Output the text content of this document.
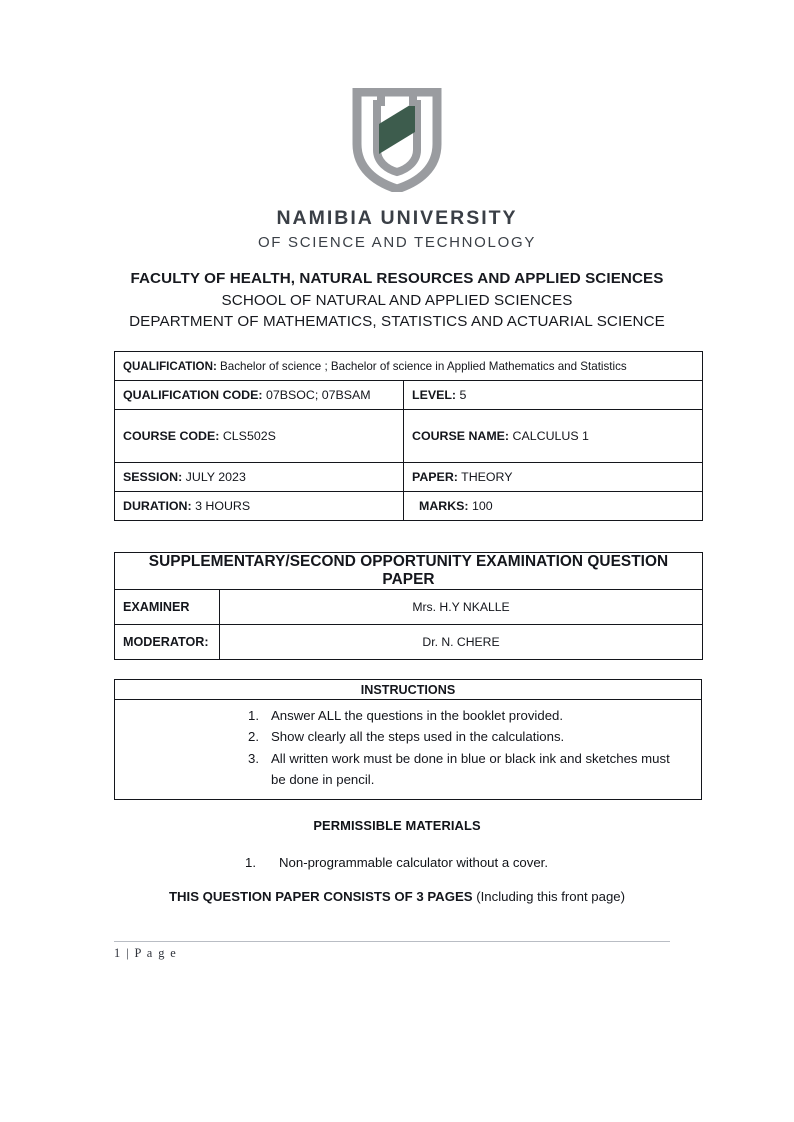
NAMIBIA UNIVERSITY
OF SCIENCE AND TECHNOLOGY
FACULTY OF HEALTH, NATURAL RESOURCES AND APPLIED SCIENCES
SCHOOL OF NATURAL AND APPLIED SCIENCES
DEPARTMENT OF MATHEMATICS, STATISTICS AND ACTUARIAL SCIENCE
QUALIFICATION: Bachelor of science ; Bachelor of science in Applied Mathematics and Statistics	
QUALIFICATION CODE: 07BSOC; 07BSAM	LEVEL: 5
COURSE CODE: CLS502S	COURSE NAME: CALCULUS 1
SESSION: JULY 2023	PAPER: THEORY
DURATION: 3 HOURS	MARKS: 100
SUPPLEMENTARY/SECOND OPPORTUNITY EXAMINATION QUESTION PAPER	
EXAMINER	Mrs. H.Y NKALLE
MODERATOR:	Dr. N. CHERE
INSTRUCTIONS

1. Answer ALL the questions in the booklet provided.
2. Show clearly all the steps used in the calculations.
3. All written work must be done in blue or black ink and sketches must
be done in pencil.
PERMISSIBLE MATERIALS
1.	Non-programmable calculator without a cover.
THIS QUESTION PAPER CONSISTS OF 3 PAGES (Including this front page)
1 | P a g e
